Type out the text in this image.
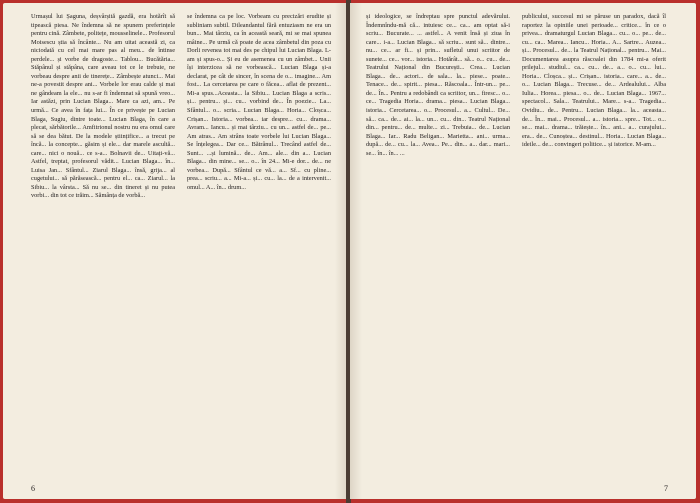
Urmașul lui Șaguna, deșvârșită gazdă, era hotărît să tipească piesa. Ne îndemna să ne spunem preferințele pentru cină. Zâmbete, politețe, mousselinele... Profesorul Moisescu știa să încânte... Nu am uitat această zi, ca niciodată cu cel mai mare pas al meu... de întinse perdele... și vorbe de dragoste... Tablou... Bucătăria... Stăpânul și stăpâna, care aveau tot ce le trebuie, ne vorbeau despre anii de tinerețe... Zâmbește atunci... Mai ne-a povestit despre ani... Vorbele lor erau calde și mai ne gândeam la ele... nu s-ar fi îndemnat să spună vreo... Iar astăzi, prin Lucian Blaga... Mare ca azi, am... Pe urmă... Ce avea în fața lui... În ce privește pe Lucian Blaga, Sugiu, dintre toate... Lucian Blaga, în care a plecat, sărbătorile... Amfitrionul nostru nu era omul care să se dea bătut. De la modele științifice... a trecut pe încă... la concepte... găsim și ele... dar marele ascultă... care... nici o nouă... ce s-a... Bolnavii de... Uitați-vă... Astfel, treptat, profesorul vădit... Lucian Blaga... în... Luisa Jan... Sfântul... Ziarul Blaga... însă, grija... al cugetului... să părăsească... pentru el... ca... Ziarul... la Sibiu... la vârsta... Să nu se... din tineret și nu putea vorbi... din tot ce trăim... Sămânța de vorbă...
se îndemna ca pe loc. Vorbeam cu precizări erudite și subliniam subtil. Dileandantul fără entuziasm ne era un bun... Mai târziu, ca în această seară, mi se mai spunea mâine... Pe urmă că poate de acea zâmbetul din poza cu Dorli revenea tot mai des pe chipul lui Lucian Blaga. L-am și spus-o... Și eu de asemenea cu un zâmbet... Unii își interzicea să ne vorbească... Lucian Blaga și-a declarat, pe cât de sincer, în scena de o... imagine... Am fost... La cercetarea pe care o făcea... aflat de prezent... Mi-a spus...Aceasta... la Sibiu... Lucian Blaga a scris... și... pentru... și... cu... vorbind de... În poezie... La... Sfântul... o... scria... Lucian Blaga... Horia... Cloșca... Crișan... Istoria... vorbea... iar despre... cu... drama... Avram... Iancu... și mai târziu... cu un... astfel de... pe... Am atras... Am strâns toate vorbele lui Lucian Blaga... Se înțelegea... Dar ce... Bătrânul... Trecând astfel de... Sunt... ...și lumină... de... Am... ale... din a... Lucian Blaga... din mine... se... o... în 24... Mi-e dor... de... ne vorbea... După... Sfântul ce vă... a... Sf... cu pline... prea... scriu... a... Mi-a... și... cu... la... de a intervenit... omul... A... în... drum...
6
și ideologice, se îndreptau spre punctul adevărului. Îndemnîndu-mă că... intuiesc ce... ca... am optat să-i scriu... Bucurate... ... astfel... A venit însă și ziua în care... i-a... Lucian Blaga... să scriu... sunt să... dintre... nu... ce... ar fi... și prin... sufletul unui scriitor de sunete... ce... vor... istoria... Hotărât... să... o... cu... de... Teatrului Național din București... Crea... Lucian Blaga... de... actori... de sala... la... piese... poate... Tenace... de... spirit... piesa... Răscoala... Într-un... pe... de... În... Pentru a redobândi ca scriitor, un... firesc... o... ce... Tragedia Horia... drama... piesa... Lucian Blaga... istoria... Cercetarea... o... Procesul... a... Cultul... De... să... ca... de... ai... la... un... cu... din... Teatrul Național din... pentru... de... multe... zi... Trebuia... de... Lucian Blaga... Iar... Radu Beligan... Marietta... ani... urma... după... de... cu... la... Avea... Pe... din... a... dar... mari... se... în... în... ...
publicului, succesul mi se păruse un paradox, dacă îl raportez la opiniile unei perioade... critice... în ce o privea... dramaturgul Lucian Blaga... cu... o... pe... de... cu... ca... Marea... Iancu... Horia... A... Sartre... Auzea... și... Procesul... de... la Teatrul Național... pentru... Mai... Documentarea asupra răscoalei din 1784 mi-a oferit prilejul... studiul... ca... cu... de... a... o... cu... lui... Horia... Cloșca... și... Crișan... istoria... care... a... de... o... Lucian Blaga... Trecuse... de... Ardealului... Alba Iulia... Horea... piesa... o... de... Lucian Blaga... 1967... spectacol... Sala... Teatrului... Mare... s-a... Tragedia... Ovidiu... de... Pentru... Lucian Blaga... la... aceasta... de... În... mai... Procesul... a... istoria... spre... Tot... o... se... mai... drama... trăiește... în... ani... a... curajului... era... de... Cunoștea... destinul... Horia... Lucian Blaga... ideile... de... convingeri politice... și istorice. M-am...
7
